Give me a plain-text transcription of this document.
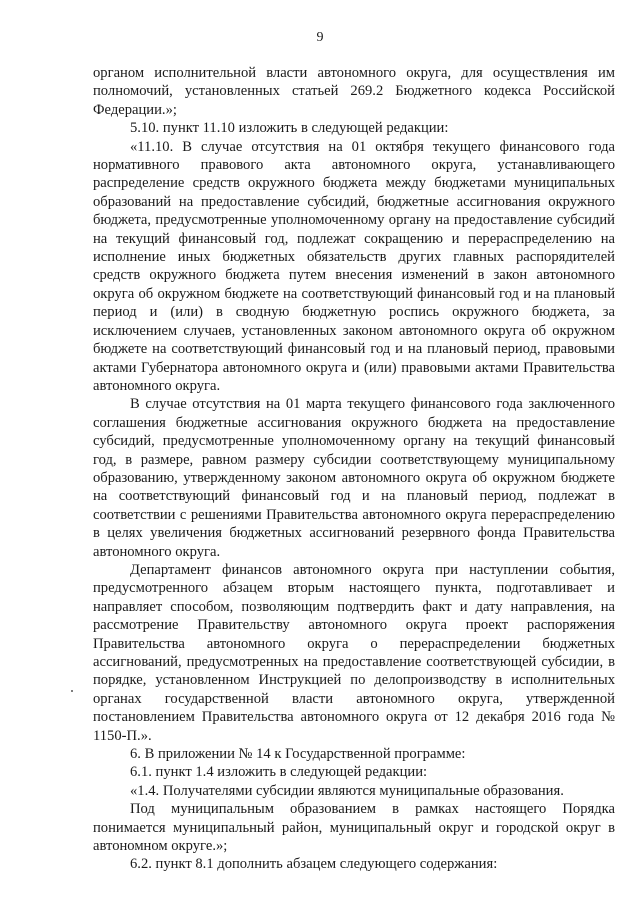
9

органом исполнительной власти автономного округа, для осуществления им полномочий, установленных статьей 269.2 Бюджетного кодекса Российской Федерации.»;

5.10. пункт 11.10 изложить в следующей редакции:

«11.10. В случае отсутствия на 01 октября текущего финансового года нормативного правового акта автономного округа, устанавливающего распределение средств окружного бюджета между бюджетами муниципальных образований на предоставление субсидий, бюджетные ассигнования окружного бюджета, предусмотренные уполномоченному органу на предоставление субсидий на текущий финансовый год, подлежат сокращению и перераспределению на исполнение иных бюджетных обязательств других главных распорядителей средств окружного бюджета путем внесения изменений в закон автономного округа об окружном бюджете на соответствующий финансовый год и на плановый период и (или) в сводную бюджетную роспись окружного бюджета, за исключением случаев, установленных законом автономного округа об окружном бюджете на соответствующий финансовый год и на плановый период, правовыми актами Губернатора автономного округа и (или) правовыми актами Правительства автономного округа.

В случае отсутствия на 01 марта текущего финансового года заключенного соглашения бюджетные ассигнования окружного бюджета на предоставление субсидий, предусмотренные уполномоченному органу на текущий финансовый год, в размере, равном размеру субсидии соответствующему муниципальному образованию, утвержденному законом автономного округа об окружном бюджете на соответствующий финансовый год и на плановый период, подлежат в соответствии с решениями Правительства автономного округа перераспределению в целях увеличения бюджетных ассигнований резервного фонда Правительства автономного округа.

Департамент финансов автономного округа при наступлении события, предусмотренного абзацем вторым настоящего пункта, подготавливает и направляет способом, позволяющим подтвердить факт и дату направления, на рассмотрение Правительству автономного округа проект распоряжения Правительства автономного округа о перераспределении бюджетных ассигнований, предусмотренных на предоставление соответствующей субсидии, в порядке, установленном Инструкцией по делопроизводству в исполнительных органах государственной власти автономного округа, утвержденной постановлением Правительства автономного округа от 12 декабря 2016 года № 1150-П.».

6. В приложении № 14 к Государственной программе:

6.1. пункт 1.4 изложить в следующей редакции:

«1.4. Получателями субсидии являются муниципальные образования.

Под муниципальным образованием в рамках настоящего Порядка понимается муниципальный район, муниципальный округ и городской округ в автономном округе.»;

6.2. пункт 8.1 дополнить абзацем следующего содержания:
